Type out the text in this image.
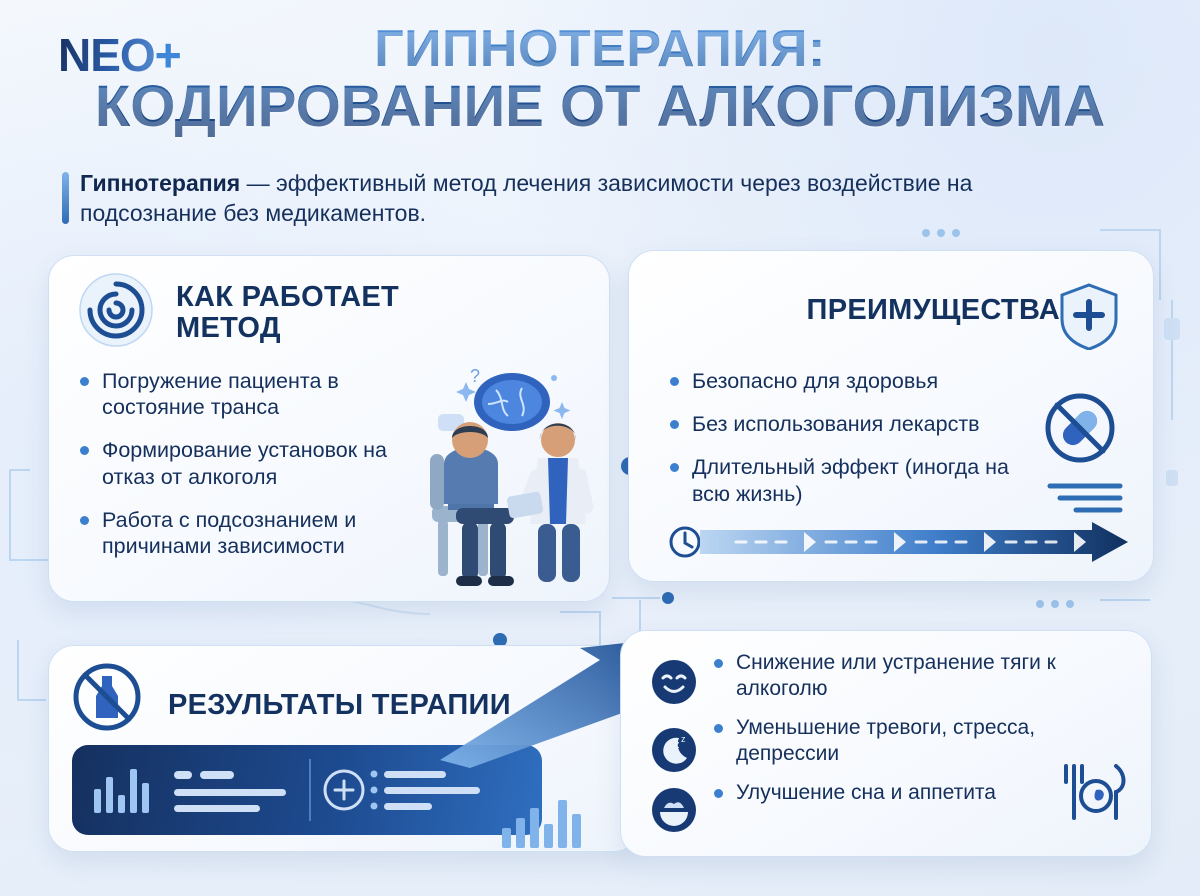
ГИПНОТЕРАПИЯ:
КОДИРОВАНИЕ ОТ АЛКОГОЛИЗМА
Гипнотерапия — эффективный метод лечения зависимости через воздействие на подсознание без медикаментов.
КАК РАБОТАЕТ МЕТОД
Погружение пациента в состояние транса
Формирование установок на отказ от алкоголя
Работа с подсознанием и причинами зависимости
?
ПРЕИМУЩЕСТВА
Безопасно для здоровья
Без использования лекарств
Длительный эффект (иногда на всю жизнь)
РЕЗУЛЬТАТЫ ТЕРАПИИ
z z
Снижение или устранение тяги к алкоголю
Уменьшение тревоги, стресса, депрессии
Улучшение сна и аппетита
